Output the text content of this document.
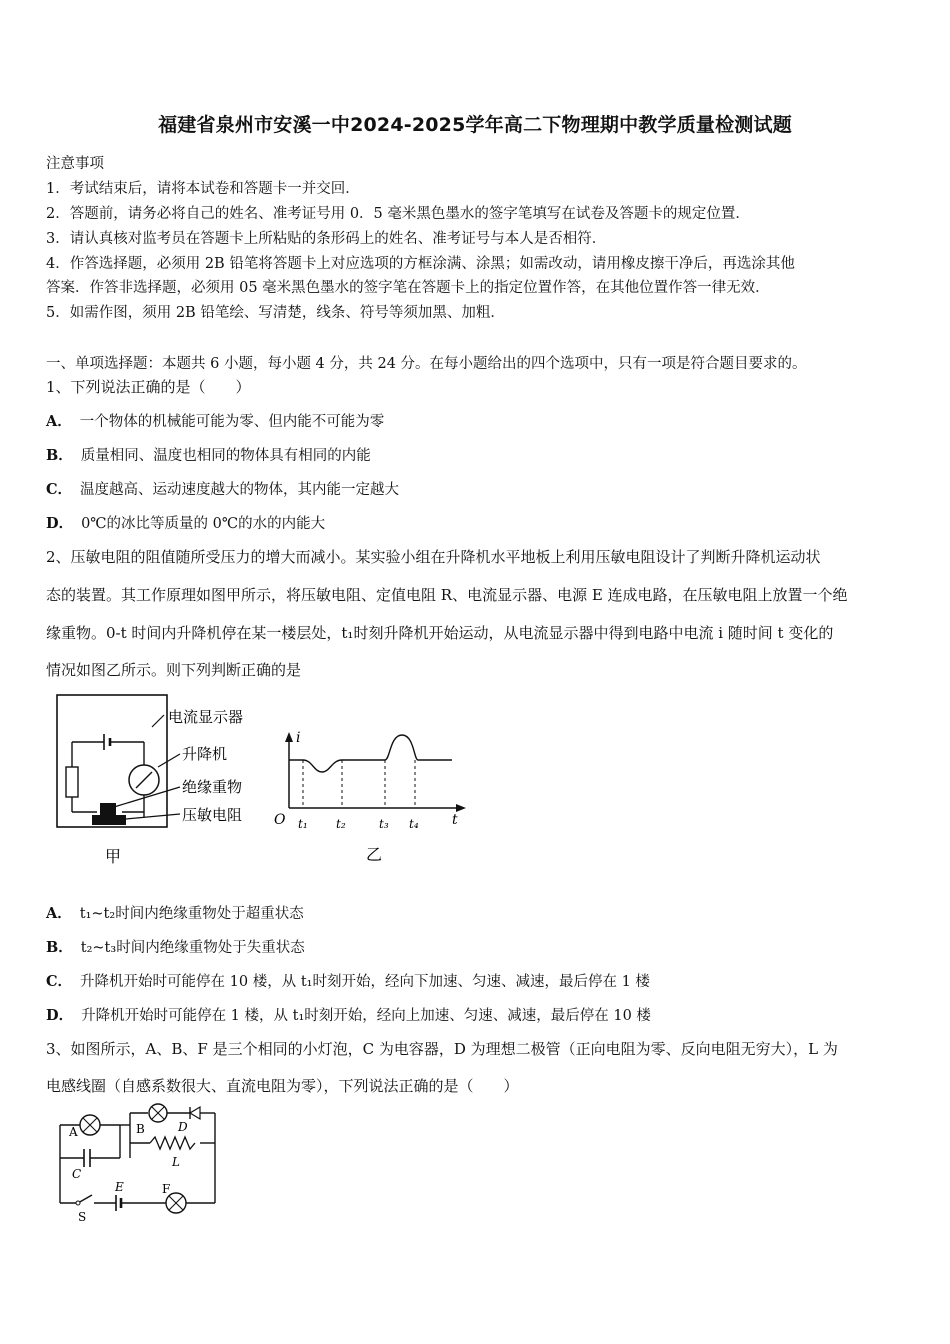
福建省泉州市安溪一中2024-2025学年高二下物理期中教学质量检测试题
注意事项
1．考试结束后，请将本试卷和答题卡一并交回．
2．答题前，请务必将自己的姓名、准考证号用 0．5 毫米黑色墨水的签字笔填写在试卷及答题卡的规定位置．
3．请认真核对监考员在答题卡上所粘贴的条形码上的姓名、准考证号与本人是否相符．
4．作答选择题，必须用 2B 铅笔将答题卡上对应选项的方框涂满、涂黑；如需改动，请用橡皮擦干净后，再选涂其他
答案．作答非选择题，必须用 05 毫米黑色墨水的签字笔在答题卡上的指定位置作答，在其他位置作答一律无效．
5．如需作图，须用 2B 铅笔绘、写清楚，线条、符号等须加黑、加粗．
一、单项选择题：本题共 6 小题，每小题 4 分，共 24 分。在每小题给出的四个选项中，只有一项是符合题目要求的。
1、下列说法正确的是（　　）
A． 一个物体的机械能可能为零、但内能不可能为零
B． 质量相同、温度也相同的物体具有相同的内能
C． 温度越高、运动速度越大的物体，其内能一定越大
D． 0℃的冰比等质量的 0℃的水的内能大
2、压敏电阻的阻值随所受压力的增大而减小。某实验小组在升降机水平地板上利用压敏电阻设计了判断升降机运动状
态的装置。其工作原理如图甲所示，将压敏电阻、定值电阻 R、电流显示器、电源 E 连成电路，在压敏电阻上放置一个绝
缘重物。0-t 时间内升降机停在某一楼层处，t₁时刻升降机开始运动，从电流显示器中得到电路中电流 i 随时间 t 变化的
情况如图乙所示。则下列判断正确的是
电流显示器
升降机
绝缘重物
压敏电阻
甲
i
t
O t₁ t₂	t₃ t₄
乙
A． t₁~t₂时间内绝缘重物处于超重状态
B． t₂~t₃时间内绝缘重物处于失重状态
C． 升降机开始时可能停在 10 楼，从 t₁时刻开始，经向下加速、匀速、减速，最后停在 1 楼
D． 升降机开始时可能停在 1 楼，从 t₁时刻开始，经向上加速、匀速、减速，最后停在 10 楼
3、如图所示，A、B、F 是三个相同的小灯泡，C 为电容器，D 为理想二极管（正向电阻为零、反向电阻无穷大），L 为
电感线圈（自感系数很大、直流电阻为零），下列说法正确的是（　　）
A	B
C
D
L
E	F
S
